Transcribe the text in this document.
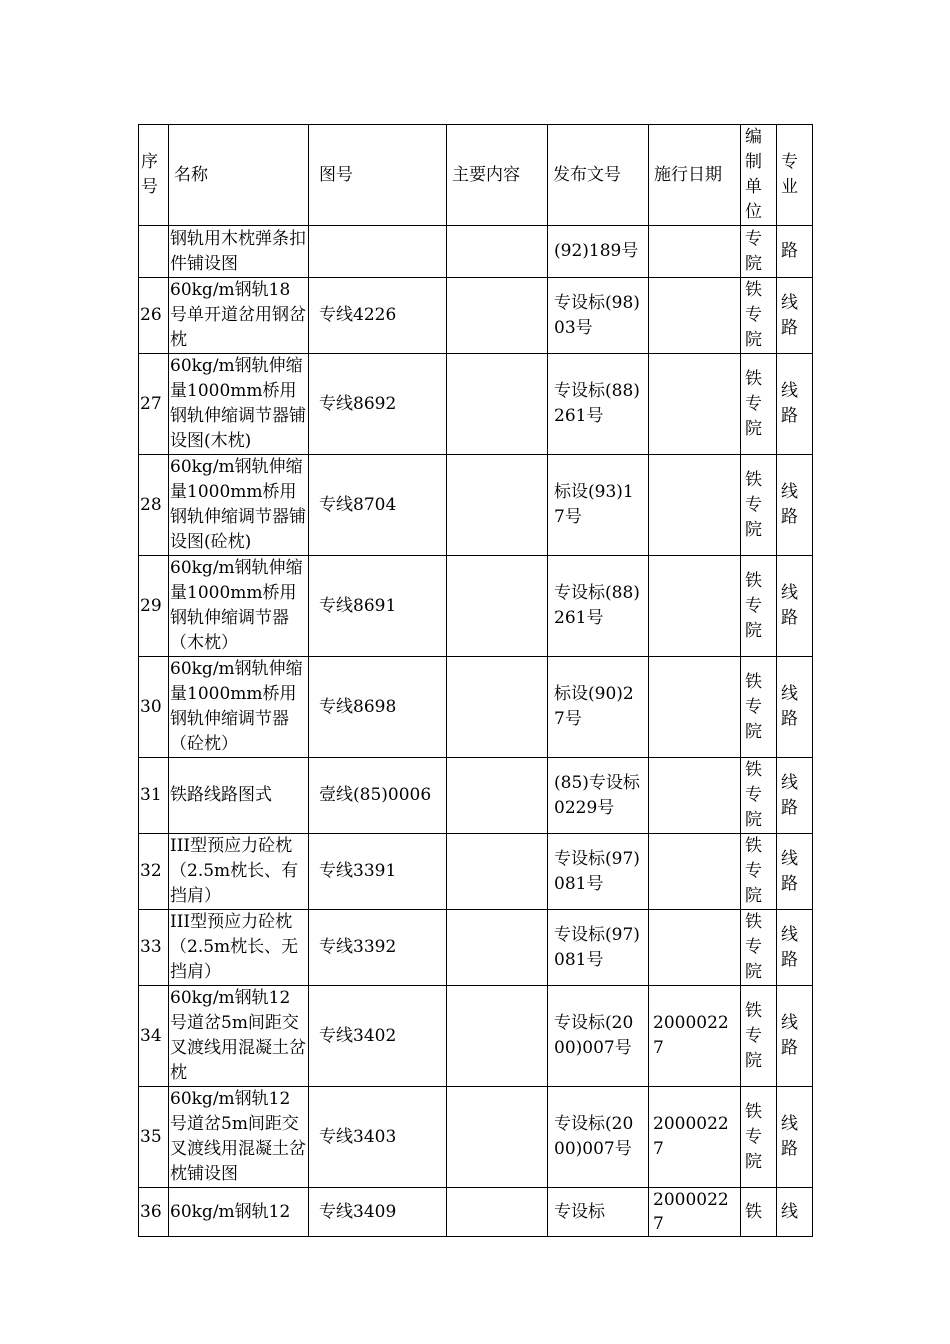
序号	名称	图号	主要内容	发布文号	施行日期	编制单位	专业
	钢轨用木枕弹条扣件铺设图			(92)189号		专院	路
26	60kg/m钢轨18号单开道岔用钢岔枕	专线4226		专设标(98)03号		铁专院	线路
27	60kg/m钢轨伸缩量1000mm桥用钢轨伸缩调节器铺设图(木枕)	专线8692		专设标(88)261号		铁专院	线路
28	60kg/m钢轨伸缩量1000mm桥用钢轨伸缩调节器铺设图(砼枕)	专线8704		标设(93)17号		铁专院	线路
29	60kg/m钢轨伸缩量1000mm桥用钢轨伸缩调节器（木枕）	专线8691		专设标(88)261号		铁专院	线路
30	60kg/m钢轨伸缩量1000mm桥用钢轨伸缩调节器（砼枕）	专线8698		标设(90)27号		铁专院	线路
31	铁路线路图式	壹线(85)0006		(85)专设标0229号		铁专院	线路
32	III型预应力砼枕（2.5m枕长、有挡肩）	专线3391		专设标(97)081号		铁专院	线路
33	III型预应力砼枕（2.5m枕长、无挡肩）	专线3392		专设标(97)081号		铁专院	线路
34	60kg/m钢轨12号道岔5m间距交叉渡线用混凝土岔枕	专线3402		专设标(2000)007号	20000227	铁专院	线路
35	60kg/m钢轨12号道岔5m间距交叉渡线用混凝土岔枕铺设图	专线3403		专设标(2000)007号	20000227	铁专院	线路
36	60kg/m钢轨12	专线3409		专设标	20000227	铁	线
